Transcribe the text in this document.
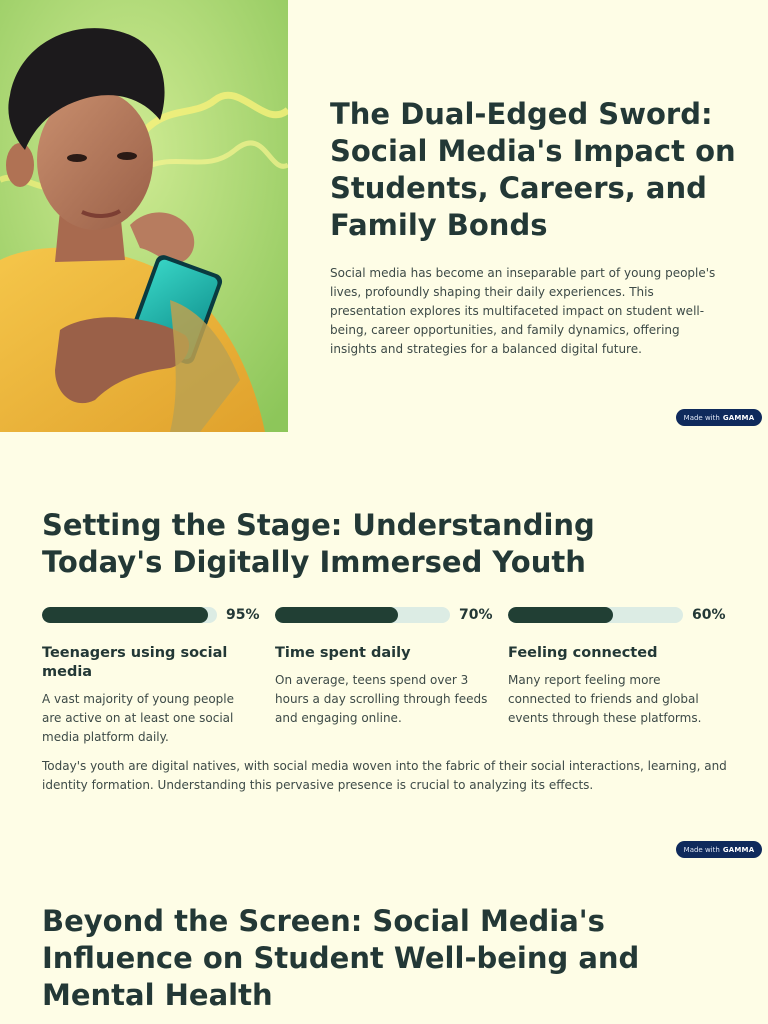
The Dual-Edged Sword: Social Media's Impact on Students, Careers, and Family Bonds

Social media has become an inseparable part of young people's lives, profoundly shaping their daily experiences. This presentation explores its multifaceted impact on student well-being, career opportunities, and family dynamics, offering insights and strategies for a balanced digital future.

Made with GAMMA
Setting the Stage: Understanding Today's Digitally Immersed Youth
95%
Teenagers using social media
A vast majority of young people are active on at least one social media platform daily.
70%
Time spent daily
On average, teens spend over 3 hours a day scrolling through feeds and engaging online.
60%
Feeling connected
Many report feeling more connected to friends and global events through these platforms.

Today's youth are digital natives, with social media woven into the fabric of their social interactions, learning, and identity formation. Understanding this pervasive presence is crucial to analyzing its effects.

Made with GAMMA
Beyond the Screen: Social Media's Influence on Student Well-being and Mental Health
